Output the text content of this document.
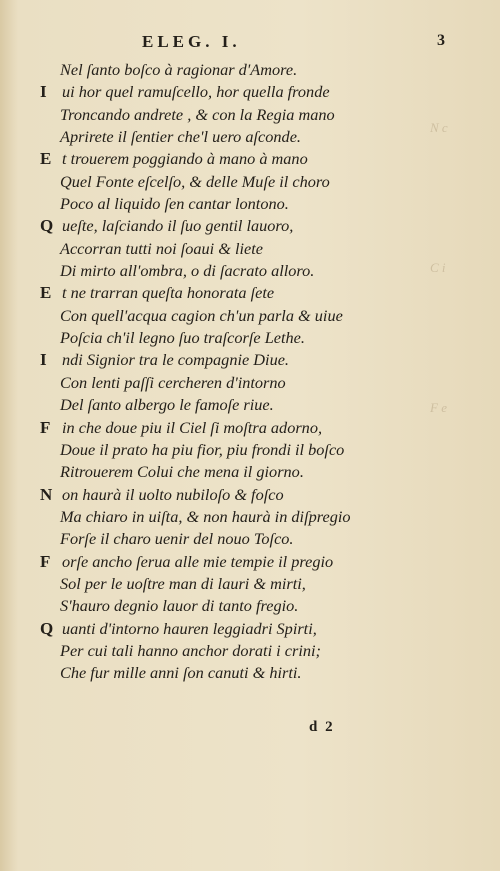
N c
C i
F e
ELEG. I.	3
Nel ſanto boſco à ragionar d'Amore.
I ui hor quel ramuſcello, hor quella fronde
Troncando andrete , & con la Regia mano
Aprirete il ſentier che'l uero aſconde.
E t trouerem poggiando à mano à mano
Quel Fonte eſcelſo, & delle Muſe il choro
Poco al liquido ſen cantar lontono.
Q ueſte, laſciando il ſuo gentil lauoro,
Accorran tutti noi ſoaui & liete
Di mirto all'ombra, o di ſacrato alloro.
E t ne trarran queſta honorata ſete
Con quell'acqua cagion ch'un parla & uiue
Poſcia ch'il legno ſuo traſcorſe Lethe.
I ndi Signior tra le compagnie Diue.
Con lenti paſſi cercheren d'intorno
Del ſanto albergo le famoſe riue.
F in che doue piu il Ciel ſi moſtra adorno,
Doue il prato ha piu fior, piu frondi il boſco
Ritrouerem Colui che mena il giorno.
N on haurà il uolto nubiloſo & foſco
Ma chiaro in uiſta, & non haurà in diſpregio
Forſe il charo uenir del nouo Toſco.
F orſe ancho ſerua alle mie tempie il pregio
Sol per le uoſtre man di lauri & mirti,
S'hauro degnio lauor di tanto fregio.
Q uanti d'intorno hauren leggiadri Spirti,
Per cui tali hanno anchor dorati i crini;
Che fur mille anni ſon canuti & hirti.
d 2
